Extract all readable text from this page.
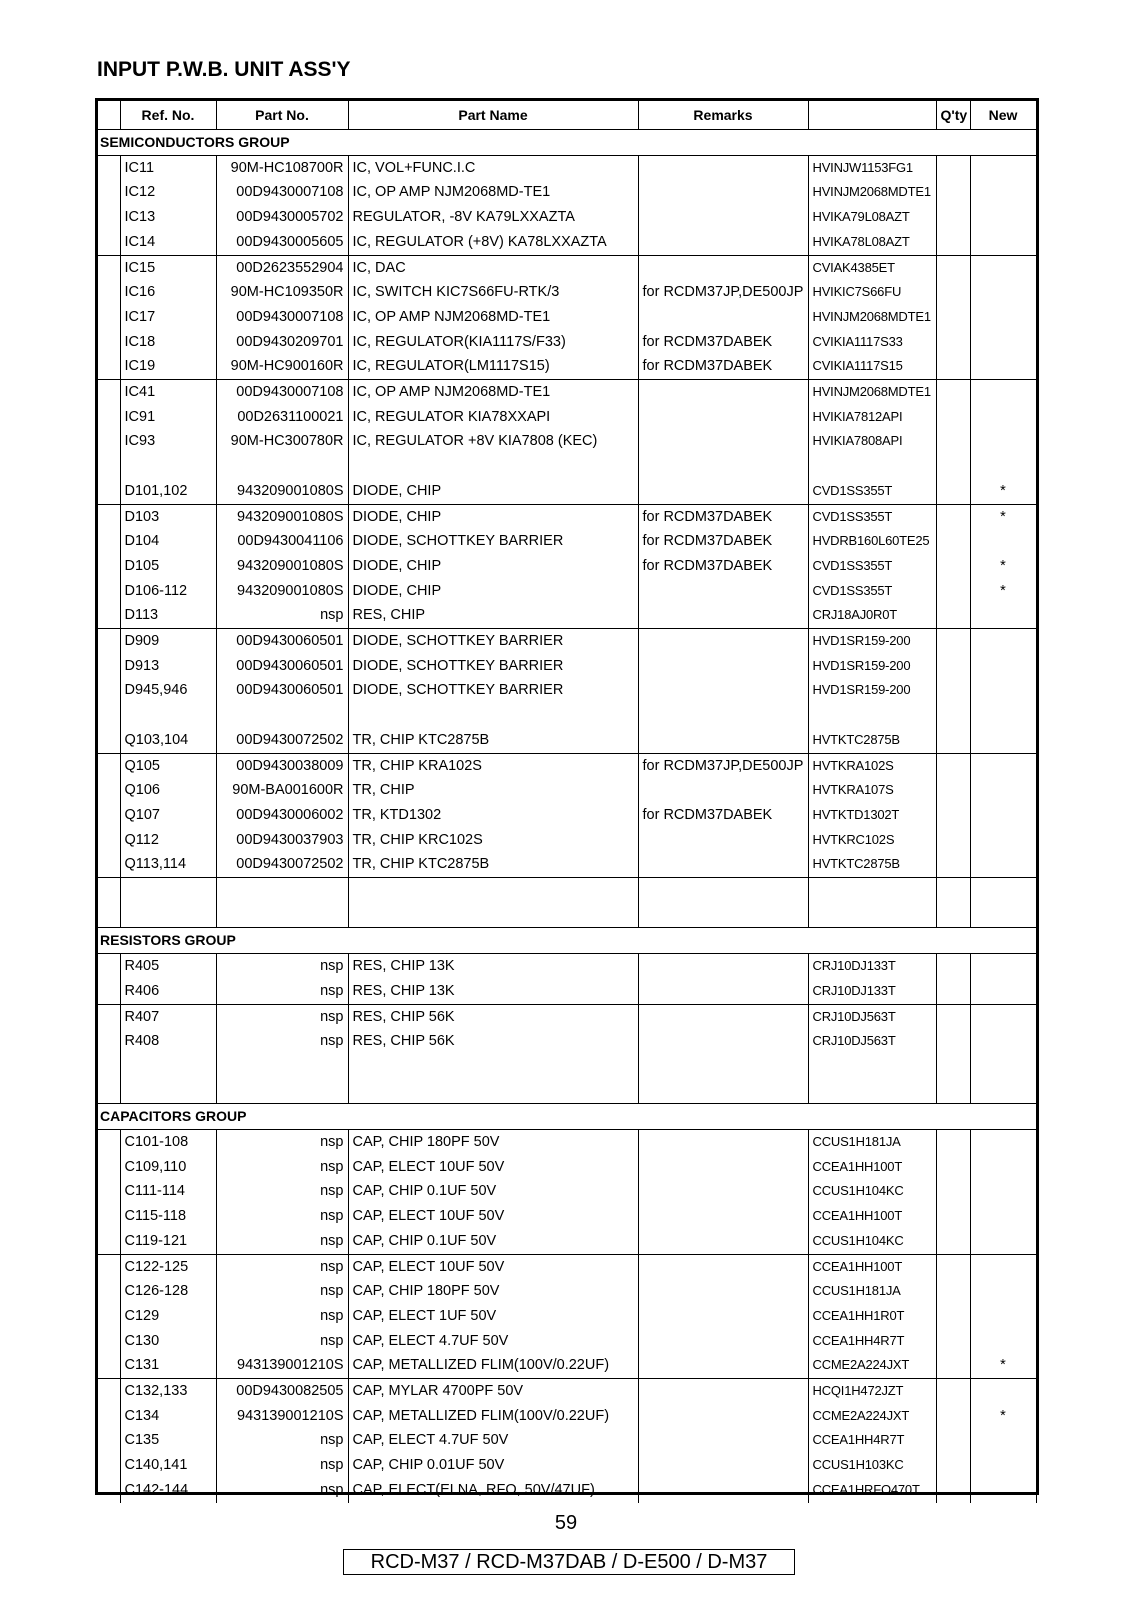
INPUT P.W.B. UNIT ASS'Y
	Ref. No.	Part No.	Part Name	Remarks		Q'ty	New
SEMICONDUCTORS GROUP							
	IC11	90M-HC108700R	IC, VOL+FUNC.I.C		HVINJW1153FG1		
	IC12	00D9430007108	IC, OP AMP NJM2068MD-TE1		HVINJM2068MDTE1		
	IC13	00D9430005702	REGULATOR, -8V KA79LXXAZTA		HVIKA79L08AZT		
	IC14	00D9430005605	IC, REGULATOR (+8V) KA78LXXAZTA		HVIKA78L08AZT		
	IC15	00D2623552904	IC, DAC		CVIAK4385ET		
	IC16	90M-HC109350R	IC, SWITCH KIC7S66FU-RTK/3	for RCDM37JP,DE500JP	HVIKIC7S66FU		
	IC17	00D9430007108	IC, OP AMP NJM2068MD-TE1		HVINJM2068MDTE1		
	IC18	00D9430209701	IC, REGULATOR(KIA1117S/F33)	for RCDM37DABEK	CVIKIA1117S33		
	IC19	90M-HC900160R	IC, REGULATOR(LM1117S15)	for RCDM37DABEK	CVIKIA1117S15		
	IC41	00D9430007108	IC, OP AMP NJM2068MD-TE1		HVINJM2068MDTE1		
	IC91	00D2631100021	IC, REGULATOR KIA78XXAPI		HVIKIA7812API		
	IC93	90M-HC300780R	IC, REGULATOR +8V KIA7808 (KEC)		HVIKIA7808API		

	D101,102	943209001080S	DIODE, CHIP		CVD1SS355T		*
	D103	943209001080S	DIODE, CHIP	for RCDM37DABEK	CVD1SS355T		*
	D104	00D9430041106	DIODE, SCHOTTKEY BARRIER	for RCDM37DABEK	HVDRB160L60TE25		
	D105	943209001080S	DIODE, CHIP	for RCDM37DABEK	CVD1SS355T		*
	D106-112	943209001080S	DIODE, CHIP		CVD1SS355T		*
	D113	nsp	RES, CHIP		CRJ18AJ0R0T		
	D909	00D9430060501	DIODE, SCHOTTKEY BARRIER		HVD1SR159-200		
	D913	00D9430060501	DIODE, SCHOTTKEY BARRIER		HVD1SR159-200		
	D945,946	00D9430060501	DIODE, SCHOTTKEY BARRIER		HVD1SR159-200		

	Q103,104	00D9430072502	TR, CHIP KTC2875B		HVTKTC2875B		
	Q105	00D9430038009	TR, CHIP KRA102S	for RCDM37JP,DE500JP	HVTKRA102S		
	Q106	90M-BA001600R	TR, CHIP		HVTKRA107S		
	Q107	00D9430006002	TR, KTD1302	for RCDM37DABEK	HVTKTD1302T		
	Q112	00D9430037903	TR, CHIP KRC102S		HVTKRC102S		
	Q113,114	00D9430072502	TR, CHIP KTC2875B		HVTKTC2875B		

RESISTORS GROUP							
	R405	nsp	RES, CHIP 13K		CRJ10DJ133T		
	R406	nsp	RES, CHIP 13K		CRJ10DJ133T		
	R407	nsp	RES, CHIP 56K		CRJ10DJ563T		
	R408	nsp	RES, CHIP 56K		CRJ10DJ563T		

CAPACITORS GROUP							
	C101-108	nsp	CAP, CHIP 180PF 50V		CCUS1H181JA		
	C109,110	nsp	CAP, ELECT 10UF 50V		CCEA1HH100T		
	C111-114	nsp	CAP, CHIP 0.1UF 50V		CCUS1H104KC		
	C115-118	nsp	CAP, ELECT 10UF 50V		CCEA1HH100T		
	C119-121	nsp	CAP, CHIP 0.1UF 50V		CCUS1H104KC		
	C122-125	nsp	CAP, ELECT 10UF 50V		CCEA1HH100T		
	C126-128	nsp	CAP, CHIP 180PF 50V		CCUS1H181JA		
	C129	nsp	CAP, ELECT 1UF 50V		CCEA1HH1R0T		
	C130	nsp	CAP, ELECT 4.7UF 50V		CCEA1HH4R7T		
	C131	943139001210S	CAP, METALLIZED FLIM(100V/0.22UF)		CCME2A224JXT		*
	C132,133	00D9430082505	CAP, MYLAR 4700PF 50V		HCQI1H472JZT		
	C134	943139001210S	CAP, METALLIZED FLIM(100V/0.22UF)		CCME2A224JXT		*
	C135	nsp	CAP, ELECT 4.7UF 50V		CCEA1HH4R7T		
	C140,141	nsp	CAP, CHIP 0.01UF 50V		CCUS1H103KC		
	C142-144	nsp	CAP, ELECT(ELNA, RFO, 50V/47UF)		CCEA1HRFO470T		
59
RCD-M37 / RCD-M37DAB / D-E500 / D-M37
